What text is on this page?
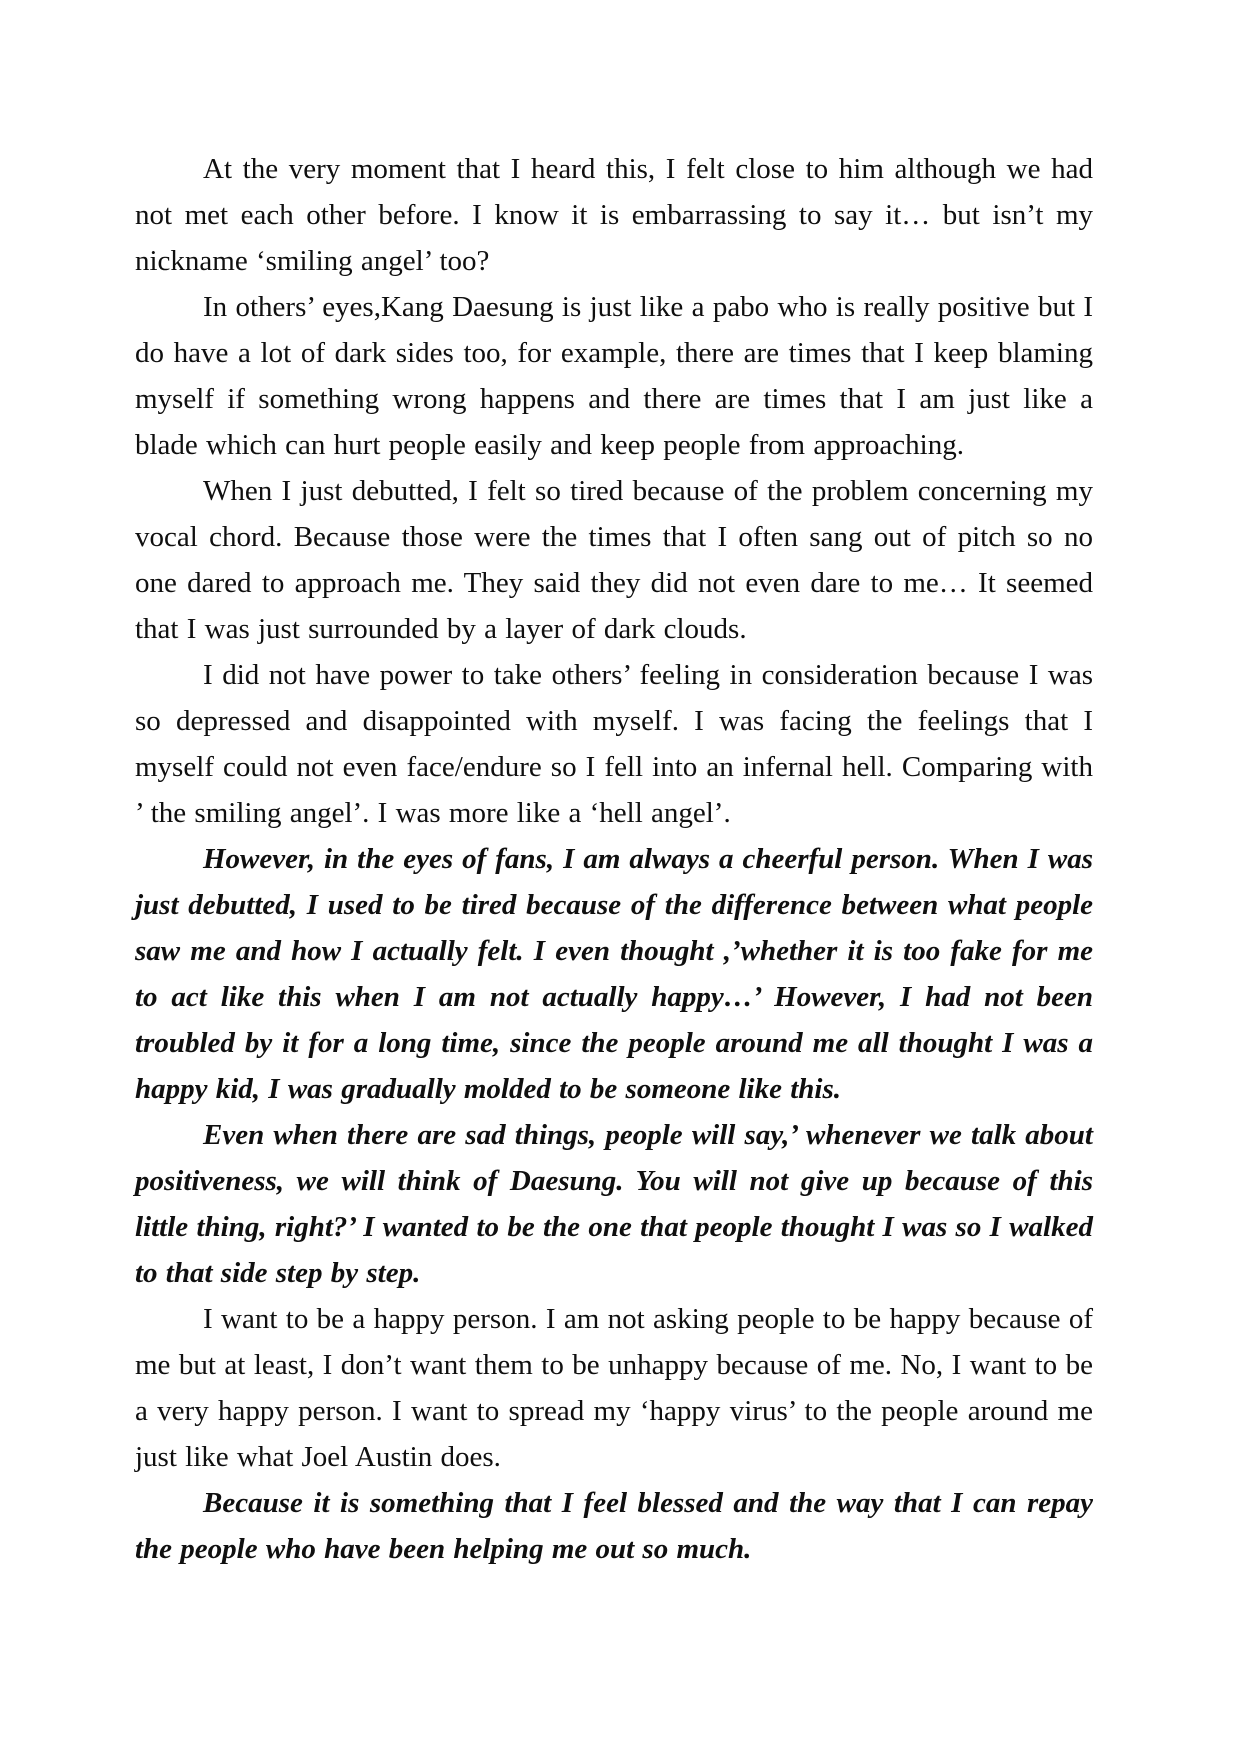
At the very moment that I heard this, I felt close to him although we had not met each other before. I know it is embarrassing to say it… but isn’t my nickname ‘smiling angel’ too?

In others’ eyes,Kang Daesung is just like a pabo who is really positive but I do have a lot of dark sides too, for example, there are times that I keep blaming myself if something wrong happens and there are times that I am just like a blade which can hurt people easily and keep people from approaching.

When I just debutted, I felt so tired because of the problem concerning my vocal chord. Because those were the times that I often sang out of pitch so no one dared to approach me. They said they did not even dare to me… It seemed that I was just surrounded by a layer of dark clouds.

I did not have power to take others’ feeling in consideration because I was so depressed and disappointed with myself. I was facing the feelings that I myself could not even face/endure so I fell into an infernal hell. Comparing with ’ the smiling angel’. I was more like a ‘hell angel’.

However, in the eyes of fans, I am always a cheerful person. When I was just debutted, I used to be tired because of the difference between what people saw me and how I actually felt. I even thought ,’whether it is too fake for me to act like this when I am not actually happy…’ However, I had not been troubled by it for a long time, since the people around me all thought I was a happy kid, I was gradually molded to be someone like this.

Even when there are sad things, people will say,’ whenever we talk about positiveness, we will think of Daesung. You will not give up because of this little thing, right?’ I wanted to be the one that people thought I was so I walked to that side step by step.

I want to be a happy person. I am not asking people to be happy because of me but at least, I don’t want them to be unhappy because of me. No, I want to be a very happy person. I want to spread my ‘happy virus’ to the people around me just like what Joel Austin does.

Because it is something that I feel blessed and the way that I can repay the people who have been helping me out so much.
